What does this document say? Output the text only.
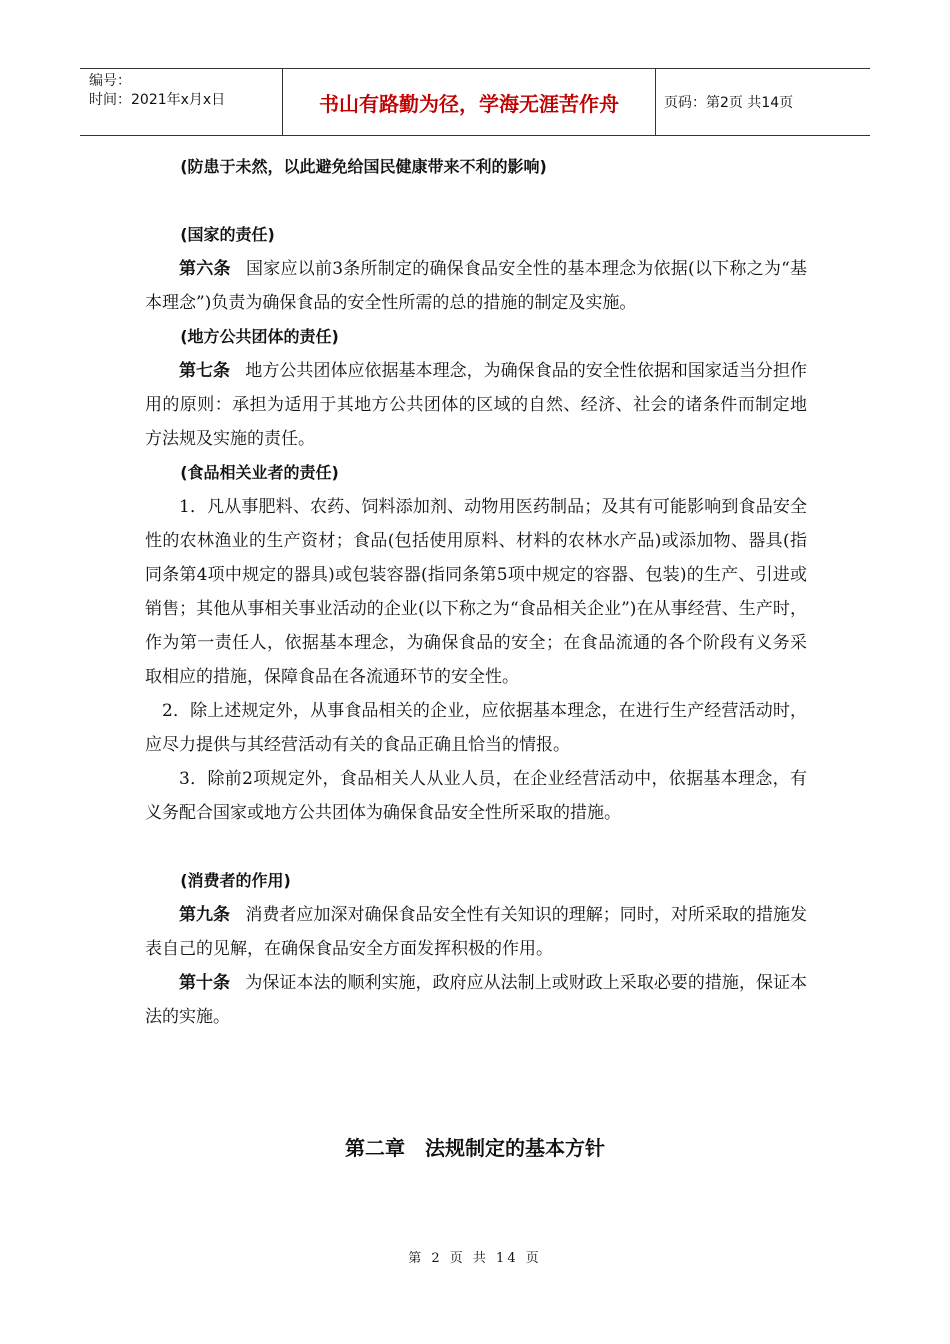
编号：
时间：2021年x月x日	书山有路勤为径，学海无涯苦作舟	页码：第2页 共14页

(防患于未然，以此避免给国民健康带来不利的影响)

(国家的责任)

第六条 国家应以前3条所制定的确保食品安全性的基本理念为依据(以下称之为“基本理念”)负责为确保食品的安全性所需的总的措施的制定及实施。

(地方公共团体的责任)

第七条 地方公共团体应依据基本理念，为确保食品的安全性依据和国家适当分担作用的原则：承担为适用于其地方公共团体的区域的自然、经济、社会的诸条件而制定地方法规及实施的责任。

(食品相关业者的责任)

1．凡从事肥料、农药、饲料添加剂、动物用医药制品；及其有可能影响到食品安全性的农林渔业的生产资材；食品(包括使用原料、材料的农林水产品)或添加物、器具(指同条第4项中规定的器具)或包装容器(指同条第5项中规定的容器、包装)的生产、引进或销售；其他从事相关事业活动的企业(以下称之为“食品相关企业”)在从事经营、生产时，作为第一责任人，依据基本理念，为确保食品的安全；在食品流通的各个阶段有义务采取相应的措施，保障食品在各流通环节的安全性。

2．除上述规定外，从事食品相关的企业，应依据基本理念，在进行生产经营活动时，应尽力提供与其经营活动有关的食品正确且恰当的情报。

3．除前2项规定外，食品相关人从业人员，在企业经营活动中，依据基本理念，有义务配合国家或地方公共团体为确保食品安全性所采取的措施。

(消费者的作用)

第九条 消费者应加深对确保食品安全性有关知识的理解；同时，对所采取的措施发表自己的见解，在确保食品安全方面发挥积极的作用。

第十条 为保证本法的顺利实施，政府应从法制上或财政上采取必要的措施，保证本法的实施。

第二章　法规制定的基本方针
第 2 页 共 14 页
